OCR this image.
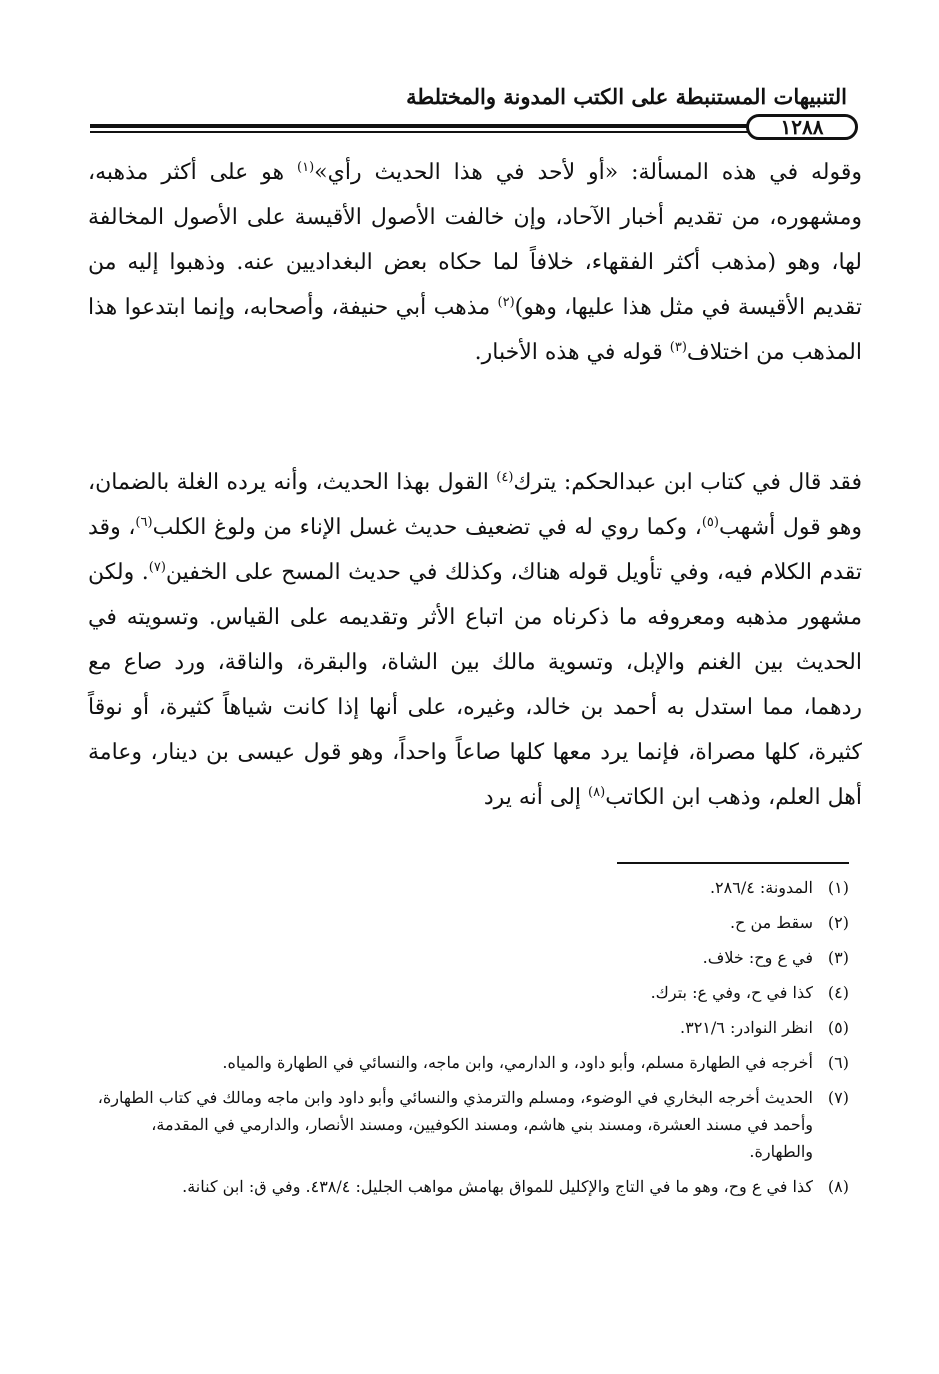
التنبيهات المستنبطة على الكتب المدونة والمختلطة
١٢٨٨

وقوله في هذه المسألة: «أو لأحد في هذا الحديث رأي»$^{(١)}$ هو على أكثر مذهبه، ومشهوره، من تقديم أخبار الآحاد، وإن خالفت الأصول الأقيسة على الأصول المخالفة لها، وهو (مذهب أكثر الفقهاء، خلافاً لما حكاه بعض البغداديين عنه. وذهبوا إليه من تقديم الأقيسة في مثل هذا عليها، وهو)$^{(٢)}$ مذهب أبي حنيفة، وأصحابه، وإنما ابتدعوا هذا المذهب من اختلاف$^{(٣)}$ قوله في هذه الأخبار.

فقد قال في كتاب ابن عبدالحكم: يترك$^{(٤)}$ القول بهذا الحديث، وأنه يرده الغلة بالضمان، وهو قول أشهب$^{(٥)}$، وكما روي له في تضعيف حديث غسل الإناء من ولوغ الكلب$^{(٦)}$، وقد تقدم الكلام فيه، وفي تأويل قوله هناك، وكذلك في حديث المسح على الخفين$^{(٧)}$. ولكن مشهور مذهبه ومعروفه ما ذكرناه من اتباع الأثر وتقديمه على القياس. وتسويته في الحديث بين الغنم والإبل، وتسوية مالك بين الشاة، والبقرة، والناقة، ورد صاع مع ردهما، مما استدل به أحمد بن خالد، وغيره، على أنها إذا كانت شياهاً كثيرة، أو نوقاً كثيرة، كلها مصراة، فإنما يرد معها كلها صاعاً واحداً، وهو قول عيسى بن دينار، وعامة أهل العلم، وذهب ابن الكاتب$^{(٨)}$ إلى أنه يرد

(١)
المدونة: ٢٨٦/٤.
(٢)
سقط من ح.
(٣)
في ع وح: خلاف.
(٤)
كذا في ح، وفي ع: بترك.
(٥)
انظر النوادر: ٣٢١/٦.
(٦)
أخرجه في الطهارة مسلم، وأبو داود، و الدارمي، وابن ماجه، والنسائي في الطهارة والمياه.
(٧)
الحديث أخرجه البخاري في الوضوء، ومسلم والترمذي والنسائي وأبو داود وابن ماجه ومالك في كتاب الطهارة، وأحمد في مسند العشرة، ومسند بني هاشم، ومسند الكوفيين، ومسند الأنصار، والدارمي في المقدمة، والطهارة.
(٨)
كذا في ع وح، وهو ما في التاج والإكليل للمواق بهامش مواهب الجليل: ٤٣٨/٤. وفي ق: ابن كنانة.
